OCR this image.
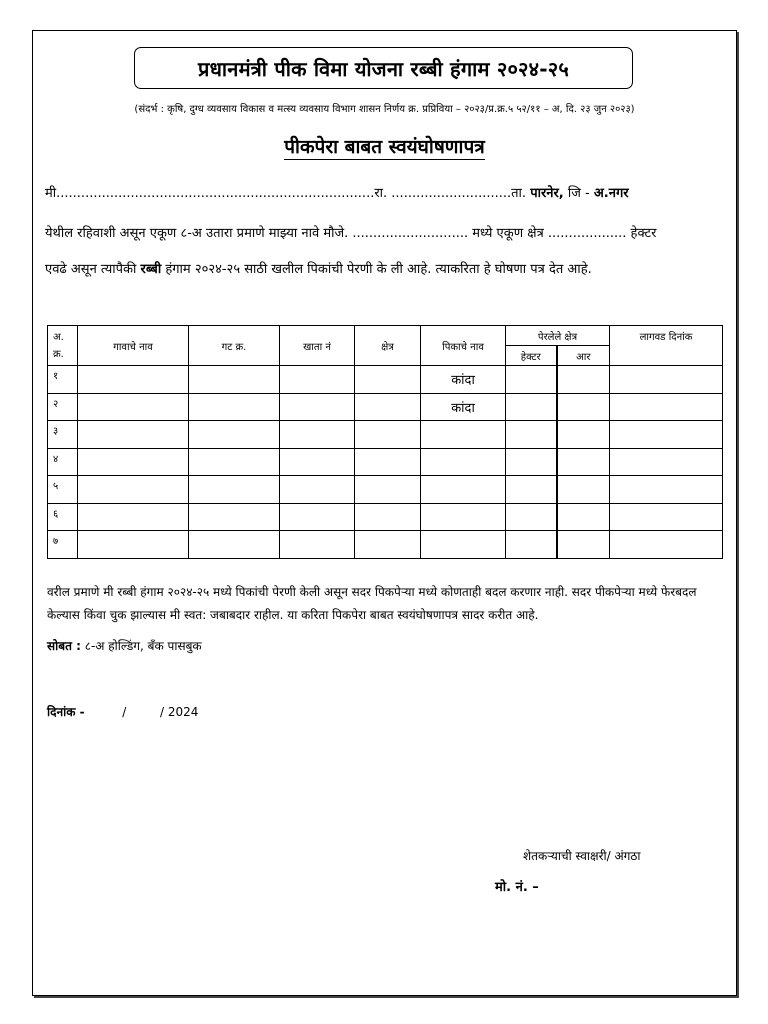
प्रधानमंत्री पीक विमा योजना रब्बी हंगाम २०२४-२५
(संदर्भ : कृषि, दुग्ध व्यवसाय विकास व मत्स्य व्यवसाय विभाग शासन निर्णय क्र. प्रप्रिविया – २०२३/प्र.क्र.५ ५२/११ – अ, दि. २३ जुन २०२३)
पीकपेरा बाबत स्वयंघोषणापत्र
मी.............................................................................रा. .............................ता. पारनेर, जि - अ.नगर
येथील रहिवाशी असून एकूण ८-अ उतारा प्रमाणे माझ्या नावे मौजे. ............................ मध्ये एकूण क्षेत्र ................... हेक्टर
एवढे असून त्यापैकी रब्बी हंगाम २०२४-२५ साठी खलील पिकांची पेरणी के ली आहे. त्याकरिता हे घोषणा पत्र देत आहे.
अ. क्र.	गावाचे नाव	गट क्र.	खाता नं	क्षेत्र	पिकाचे नाव	पेरलेले क्षेत्र		लागवड दिनांक
						हेक्टर	आर	
१					कांदा			
२					कांदा			
३								
४								
५								
६								
७								
वरील प्रमाणे मी रब्बी हंगाम २०२४-२५ मध्ये पिकांची पेरणी केली असून सदर पिकपेऱ्या मध्ये कोणताही बदल करणार नाही. सदर पीकपेऱ्या मध्ये फेरबदल केल्यास किंवा चुक झाल्यास मी स्वत: जबाबदार राहील. या करिता पिकपेरा बाबत स्वयंघोषणापत्र सादर करीत आहे.
सोबत : ८-अ होल्डिंग, बँक पासबुक
दिनांक -	/	/ 2024
शेतकऱ्याची स्वाक्षरी/ अंगठा
मो. नं. –
